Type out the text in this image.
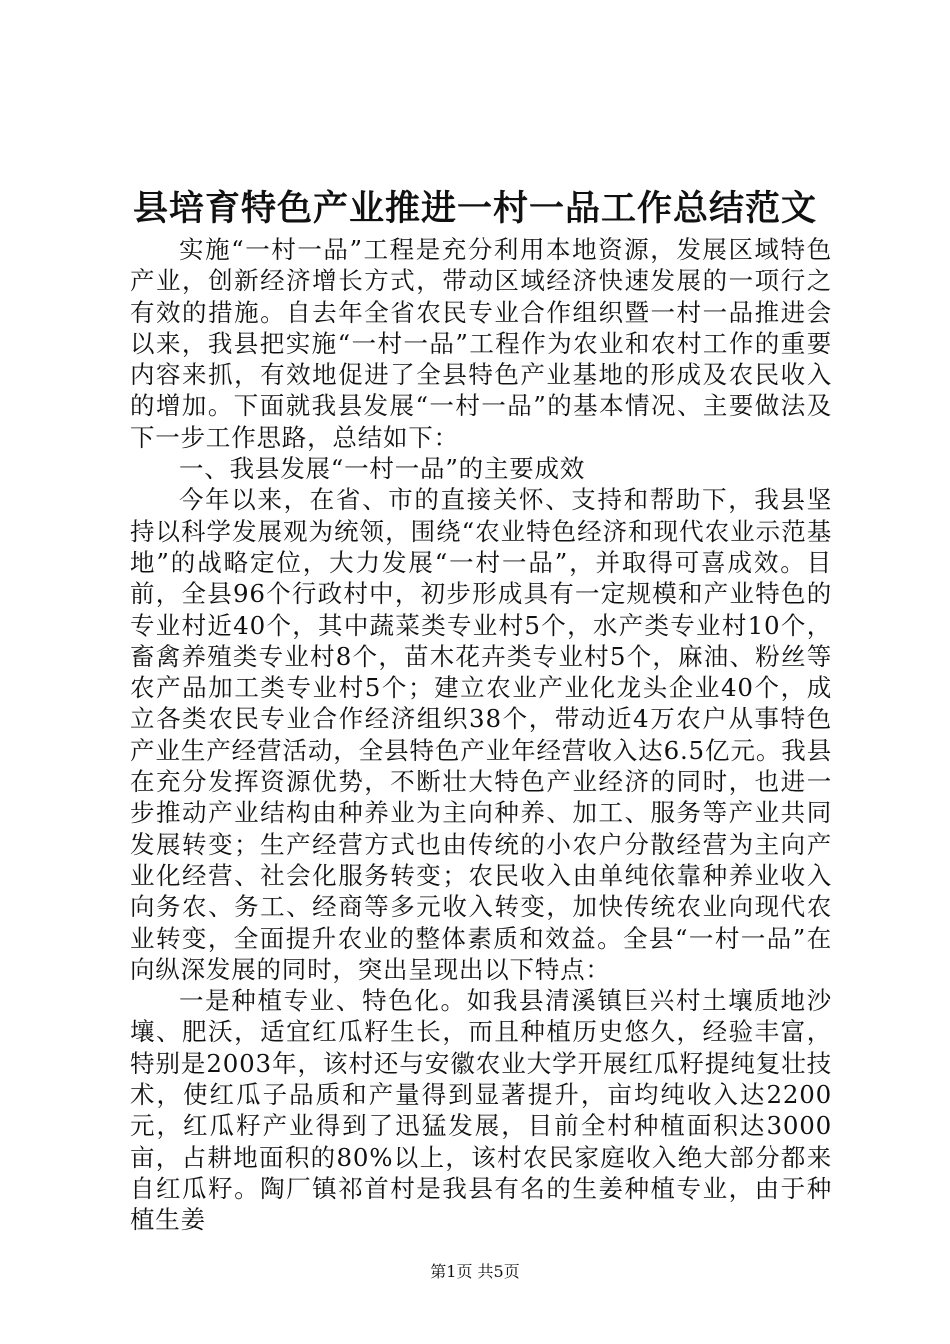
县培育特色产业推进一村一品工作总结范文

实施“一村一品”工程是充分利用本地资源，发展区域特色产业，创新经济增长方式，带动区域经济快速发展的一项行之有效的措施。自去年全省农民专业合作组织暨一村一品推进会以来，我县把实施“一村一品”工程作为农业和农村工作的重要内容来抓，有效地促进了全县特色产业基地的形成及农民收入的增加。下面就我县发展“一村一品”的基本情况、主要做法及下一步工作思路，总结如下：

一、我县发展“一村一品”的主要成效

今年以来，在省、市的直接关怀、支持和帮助下，我县坚持以科学发展观为统领，围绕“农业特色经济和现代农业示范基地”的战略定位，大力发展“一村一品”，并取得可喜成效。目前，全县96个行政村中，初步形成具有一定规模和产业特色的专业村近40个，其中蔬菜类专业村5个，水产类专业村10个，畜禽养殖类专业村8个，苗木花卉类专业村5个，麻油、粉丝等农产品加工类专业村5个；建立农业产业化龙头企业40个，成立各类农民专业合作经济组织38个，带动近4万农户从事特色产业生产经营活动，全县特色产业年经营收入达6.5亿元。我县在充分发挥资源优势，不断壮大特色产业经济的同时，也进一步推动产业结构由种养业为主向种养、加工、服务等产业共同发展转变；生产经营方式也由传统的小农户分散经营为主向产业化经营、社会化服务转变；农民收入由单纯依靠种养业收入向务农、务工、经商等多元收入转变，加快传统农业向现代农业转变，全面提升农业的整体素质和效益。全县“一村一品”在向纵深发展的同时，突出呈现出以下特点：

一是种植专业、特色化。如我县清溪镇巨兴村土壤质地沙壤、肥沃，适宜红瓜籽生长，而且种植历史悠久，经验丰富，特别是2003年，该村还与安徽农业大学开展红瓜籽提纯复壮技术，使红瓜子品质和产量得到显著提升，亩均纯收入达2200元，红瓜籽产业得到了迅猛发展，目前全村种植面积达3000亩，占耕地面积的80%以上，该村农民家庭收入绝大部分都来自红瓜籽。陶厂镇祁首村是我县有名的生姜种植专业，由于种植生姜

第1页 共5页
